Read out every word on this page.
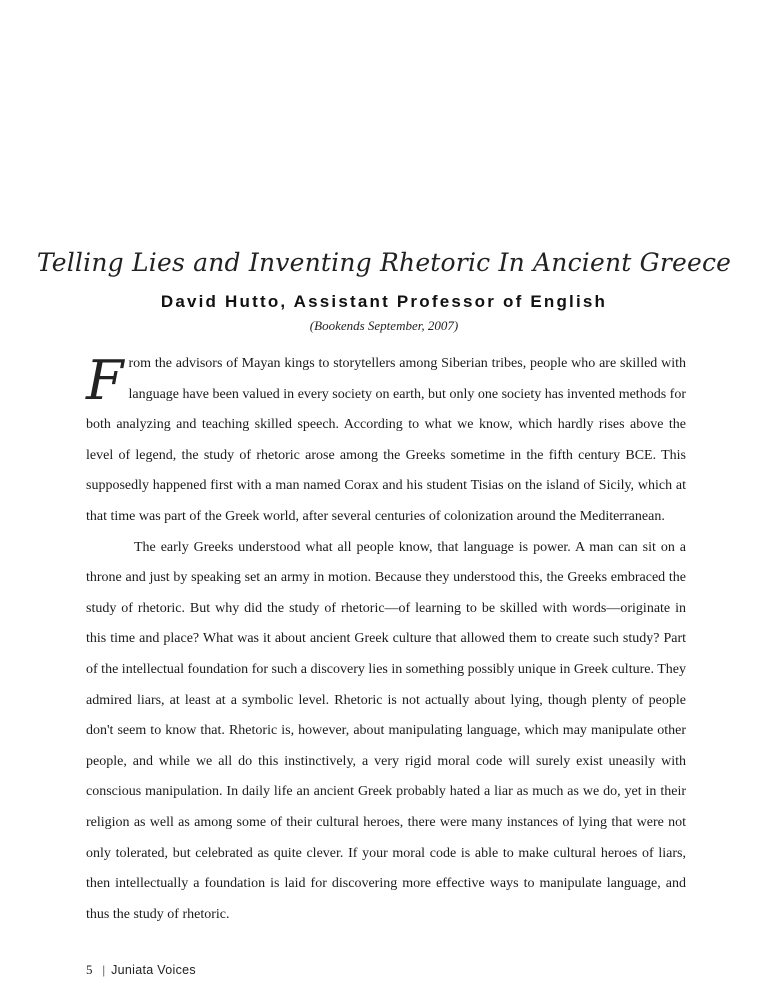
Telling Lies and Inventing Rhetoric In Ancient Greece
David Hutto, Assistant Professor of English
(Bookends September, 2007)

From the advisors of Mayan kings to storytellers among Siberian tribes, people who are skilled with language have been valued in every society on earth, but only one society has invented methods for both analyzing and teaching skilled speech. According to what we know, which hardly rises above the level of legend, the study of rhetoric arose among the Greeks sometime in the fifth century BCE. This supposedly happened first with a man named Corax and his student Tisias on the island of Sicily, which at that time was part of the Greek world, after several centuries of colonization around the Mediterranean.

The early Greeks understood what all people know, that language is power. A man can sit on a throne and just by speaking set an army in motion. Because they understood this, the Greeks embraced the study of rhetoric. But why did the study of rhetoric—of learning to be skilled with words—originate in this time and place? What was it about ancient Greek culture that allowed them to create such study? Part of the intellectual foundation for such a discovery lies in something possibly unique in Greek culture. They admired liars, at least at a symbolic level. Rhetoric is not actually about lying, though plenty of people don't seem to know that. Rhetoric is, however, about manipulating language, which may manipulate other people, and while we all do this instinctively, a very rigid moral code will surely exist uneasily with conscious manipulation. In daily life an ancient Greek probably hated a liar as much as we do, yet in their religion as well as among some of their cultural heroes, there were many instances of lying that were not only tolerated, but celebrated as quite clever. If your moral code is able to make cultural heroes of liars, then intellectually a foundation is laid for discovering more effective ways to manipulate language, and thus the study of rhetoric.

5 | Juniata Voices
